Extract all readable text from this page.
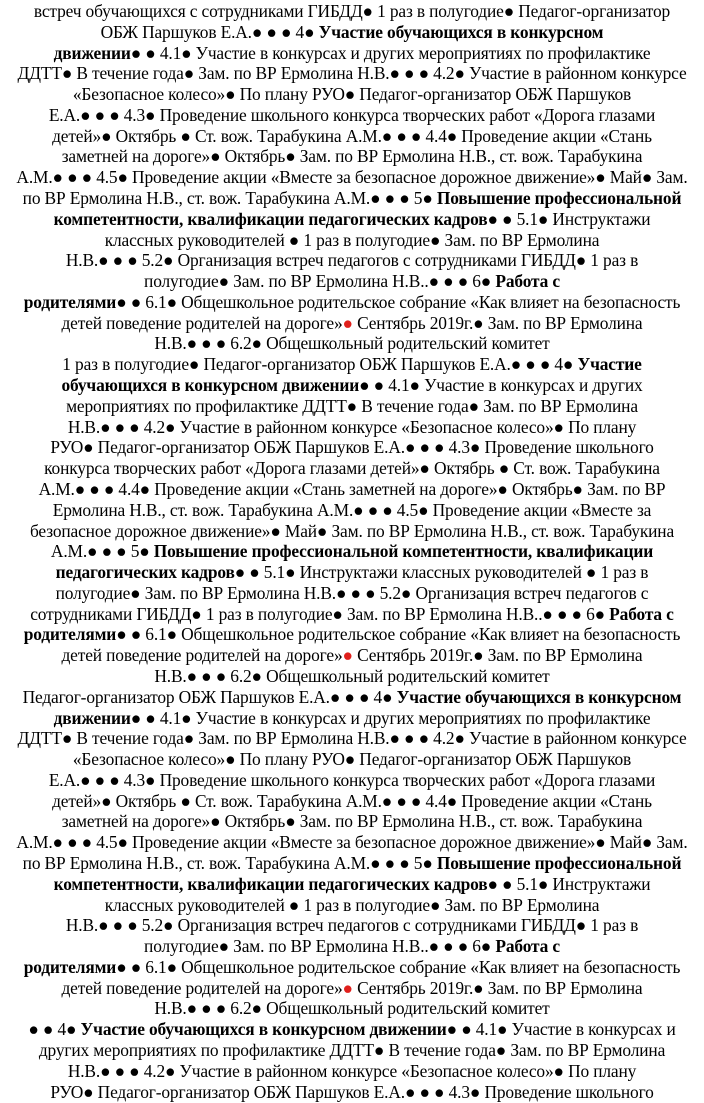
встреч обучающихся с сотрудниками ГИБДД● 1 раз в полугодие● Педагог-организатор
ОБЖ Паршуков Е.А.● ● ● 4● Участие обучающихся в конкурсном
движении● ● 4.1● Участие в конкурсах и других мероприятиях по профилактике
ДДТТ● В течение года● Зам. по ВР Ермолина Н.В.● ● ● 4.2● Участие в районном конкурсе
«Безопасное колесо»● По плану РУО● Педагог-организатор ОБЖ Паршуков
Е.А.● ● ● 4.3● Проведение школьного конкурса творческих работ «Дорога глазами
детей»● Октябрь ● Ст. вож. Тарабукина А.М.● ● ● 4.4● Проведение акции «Стань
заметней на дороге»● Октябрь● Зам. по ВР Ермолина Н.В., ст. вож. Тарабукина
А.М.● ● ● 4.5● Проведение акции «Вместе за безопасное дорожное движение»● Май● Зам.
по ВР Ермолина Н.В., ст. вож. Тарабукина А.М.● ● ● 5● Повышение профессиональной
компетентности, квалификации педагогических кадров● ● 5.1● Инструктажи
классных руководителей ● 1 раз в полугодие● Зам. по ВР Ермолина
Н.В.● ● ● 5.2● Организация встреч педагогов с сотрудниками ГИБДД● 1 раз в
полугодие● Зам. по ВР Ермолина Н.В..● ● ● 6● Работа с
родителями● ● 6.1● Общешкольное родительское собрание «Как влияет на безопасность
детей поведение родителей на дороге»● Сентябрь 2019г.● Зам. по ВР Ермолина
Н.В.● ● ● 6.2● Общешкольный родительский комитет
1 раз в полугодие● Педагог-организатор ОБЖ Паршуков Е.А.● ● ● 4● Участие
обучающихся в конкурсном движении● ● 4.1● Участие в конкурсах и других
мероприятиях по профилактике ДДТТ● В течение года● Зам. по ВР Ермолина
Н.В.● ● ● 4.2● Участие в районном конкурсе «Безопасное колесо»● По плану
РУО● Педагог-организатор ОБЖ Паршуков Е.А.● ● ● 4.3● Проведение школьного
конкурса творческих работ «Дорога глазами детей»● Октябрь ● Ст. вож. Тарабукина
А.М.● ● ● 4.4● Проведение акции «Стань заметней на дороге»● Октябрь● Зам. по ВР
Ермолина Н.В., ст. вож. Тарабукина А.М.● ● ● 4.5● Проведение акции «Вместе за
безопасное дорожное движение»● Май● Зам. по ВР Ермолина Н.В., ст. вож. Тарабукина
А.М.● ● ● 5● Повышение профессиональной компетентности, квалификации
педагогических кадров● ● 5.1● Инструктажи классных руководителей ● 1 раз в
полугодие● Зам. по ВР Ермолина Н.В.● ● ● 5.2● Организация встреч педагогов с
сотрудниками ГИБДД● 1 раз в полугодие● Зам. по ВР Ермолина Н.В..● ● ● 6● Работа с
родителями● ● 6.1● Общешкольное родительское собрание «Как влияет на безопасность
детей поведение родителей на дороге»● Сентябрь 2019г.● Зам. по ВР Ермолина
Н.В.● ● ● 6.2● Общешкольный родительский комитет
Педагог-организатор ОБЖ Паршуков Е.А.● ● ● 4● Участие обучающихся в конкурсном
движении● ● 4.1● Участие в конкурсах и других мероприятиях по профилактике
ДДТТ● В течение года● Зам. по ВР Ермолина Н.В.● ● ● 4.2● Участие в районном конкурсе
«Безопасное колесо»● По плану РУО● Педагог-организатор ОБЖ Паршуков
Е.А.● ● ● 4.3● Проведение школьного конкурса творческих работ «Дорога глазами
детей»● Октябрь ● Ст. вож. Тарабукина А.М.● ● ● 4.4● Проведение акции «Стань
заметней на дороге»● Октябрь● Зам. по ВР Ермолина Н.В., ст. вож. Тарабукина
А.М.● ● ● 4.5● Проведение акции «Вместе за безопасное дорожное движение»● Май● Зам.
по ВР Ермолина Н.В., ст. вож. Тарабукина А.М.● ● ● 5● Повышение профессиональной
компетентности, квалификации педагогических кадров● ● 5.1● Инструктажи
классных руководителей ● 1 раз в полугодие● Зам. по ВР Ермолина
Н.В.● ● ● 5.2● Организация встреч педагогов с сотрудниками ГИБДД● 1 раз в
полугодие● Зам. по ВР Ермолина Н.В..● ● ● 6● Работа с
родителями● ● 6.1● Общешкольное родительское собрание «Как влияет на безопасность
детей поведение родителей на дороге»● Сентябрь 2019г.● Зам. по ВР Ермолина
Н.В.● ● ● 6.2● Общешкольный родительский комитет
● ● 4● Участие обучающихся в конкурсном движении● ● 4.1● Участие в конкурсах и
других мероприятиях по профилактике ДДТТ● В течение года● Зам. по ВР Ермолина
Н.В.● ● ● 4.2● Участие в районном конкурсе «Безопасное колесо»● По плану
РУО● Педагог-организатор ОБЖ Паршуков Е.А.● ● ● 4.3● Проведение школьного
